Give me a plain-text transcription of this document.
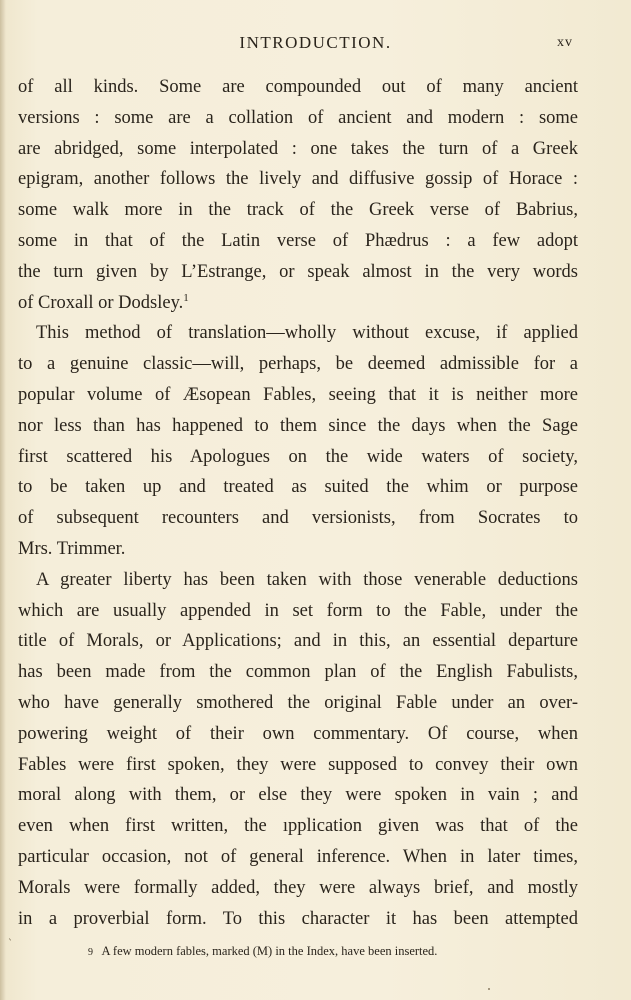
INTRODUCTION.	xv
of all kinds. Some are compounded out of many ancient
versions : some are a collation of ancient and modern : some
are abridged, some interpolated : one takes the turn of a Greek
epigram, another follows the lively and diffusive gossip of Horace :
some walk more in the track of the Greek verse of Babrius,
some in that of the Latin verse of Phædrus : a few adopt
the turn given by L’Estrange, or speak almost in the very words
of Croxall or Dodsley.$^1$
This method of translation—wholly without excuse, if applied
to a genuine classic—will, perhaps, be deemed admissible for a
popular volume of Æsopean Fables, seeing that it is neither more
nor less than has happened to them since the days when the Sage
first scattered his Apologues on the wide waters of society,
to be taken up and treated as suited the whim or purpose
of subsequent recounters and versionists, from Socrates to
Mrs. Trimmer.
A greater liberty has been taken with those venerable deductions
which are usually appended in set form to the Fable, under the
title of Morals, or Applications; and in this, an essential departure
has been made from the common plan of the English Fabulists,
who have generally smothered the original Fable under an over-
powering weight of their own commentary. Of course, when
Fables were first spoken, they were supposed to convey their own
moral along with them, or else they were spoken in vain ; and
even when first written, the ıpplication given was that of the
particular occasion, not of general inference. When in later times,
Morals were formally added, they were always brief, and mostly
in a proverbial form. To this character it has been attempted
ˋ
9 A few modern fables, marked (M) in the Index, have been inserted.
